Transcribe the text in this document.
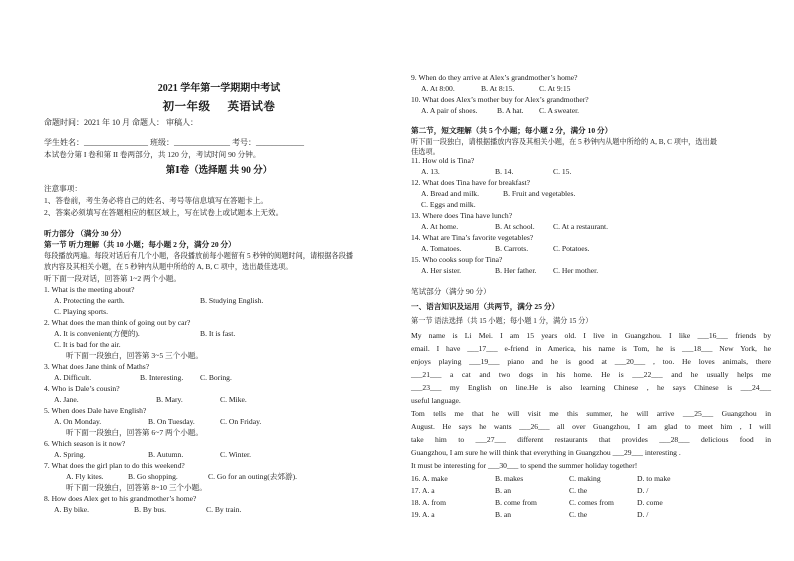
2021 学年第一学期期中考试
初一年级 英语试卷
命题时间：2021 年 10 月 命题人： 审稿人：
学生姓名：________________ 班级：______________ 考号：____________
本试卷分第 I 卷和第 II 卷两部分，共 120 分，考试时间 90 分钟。
第Ⅰ卷（选择题 共 90 分）
注意事项：
1、答卷前，考生务必将自己的姓名、考号等信息填写在答题卡上。
2、答案必须填写在答题相应的框区域上，写在试卷上或试题本上无效。
听力部分 （满分 30 分）
第一节 听力理解（共 10 小题；每小题 2 分，满分 20 分）
每段播放两遍。每段对话后有几个小题，各段播放前每小题留有 5 秒钟的阅题时间，请根据各段播
放内容及其相关小题，在 5 秒钟内从题中所给的 A, B, C 项中，选出最佳选项。
听下面一段对话，回答第 1~2 两个小题。
1. What is the meeting about?
A. Protecting the earth.	B. Studying English.
C. Playing sports.
2. What does the man think of going out by car?
A. It is convenient(方便的).	B. It is fast.
C. It is bad for the air.
听下面一段独白，回答第 3~5 三个小题。
3. What does Jane think of Maths?
A. Difficult.	B. Interesting. C. Boring.
4. Who is Dale’s cousin?
A. Jane.	B. Mary.	C. Mike.
5. When does Dale have English?
A. On Monday.	B. On Tuesday.	C. On Friday.
听下面一段独白，回答第 6~7 两个小题。
6. Which season is it now?
A. Spring.	B. Autumn.	C. Winter.
7. What does the girl plan to do this weekend?
A. Fly kites.	B. Go shopping.	C. Go for an outing(去郊游).
听下面一段独白，回答第 8~10 三个小题。
8. How does Alex get to his grandmother’s home?
A. By bike.	B. By bus.	C. By train.
9. When do they arrive at Alex’s grandmother’s home?
A. At 8:00.	B. At 8:15.	C. At 9:15
10. What does Alex’s mother buy for Alex’s grandmother?
A. A pair of shoes.	B. A hat. C. A sweater.
第二节，短文理解（共 5 个小题；每小题 2 分，满分 10 分）
听下面一段独白，请根据播放内容及其相关小题，在 5 秒钟内从题中所给的 A, B, C 项中，选出最
佳选项。
11. How old is Tina?
A. 13.	B. 14.	C. 15.
12. What does Tina have for breakfast?
A. Bread and milk.	B. Fruit and vegetables.
C. Eggs and milk.
13. Where does Tina have lunch?
A. At home.	B. At school. C. At a restaurant.
14. What are Tina’s favorite vegetables?
A. Tomatoes.	B. Carrots.	C. Potatoes.
15. Who cooks soup for Tina?
A. Her sister.	B. Her father. C. Her mother.
笔试部分（满分 90 分）
一、语言知识及运用（共两节，满分 25 分）
第一节 语法选择（共 15 小题；每小题 1 分，满分 15 分）
My name is Li Mei. I am 15 years old. I live in Guangzhou. I like ___16___ friends by
email. I have ___17___ e-friend in America, his name is Tom, he is ___18___ New York, he
enjoys playing ___19___ piano and he is good at ___20___ , too. He loves animals, there
___21___ a cat and two dogs in his home. He is ___22___ and he usually helps me
___23___ my English on line.He is also learning Chinese , he says Chinese is ___24___
useful language.
Tom tells me that he will visit me this summer, he will arrive ___25___ Guangzhou in
August. He says he wants ___26___ all over Guangzhou, I am glad to meet him , I will
take him to ___27___ different restaurants that provides ___28___ delicious food in
Guangzhou, I am sure he will think that everything in Guangzhou ___29___ interesting .
It must be interesting for ___30___ to spend the summer holiday together!
16. A. make	B. makes	C. making	D. to make
17. A. a	B. an	C. the	D. /
18. A. from	B. come from	C. comes from	D. come
19. A. a	B. an	C. the	D. /
